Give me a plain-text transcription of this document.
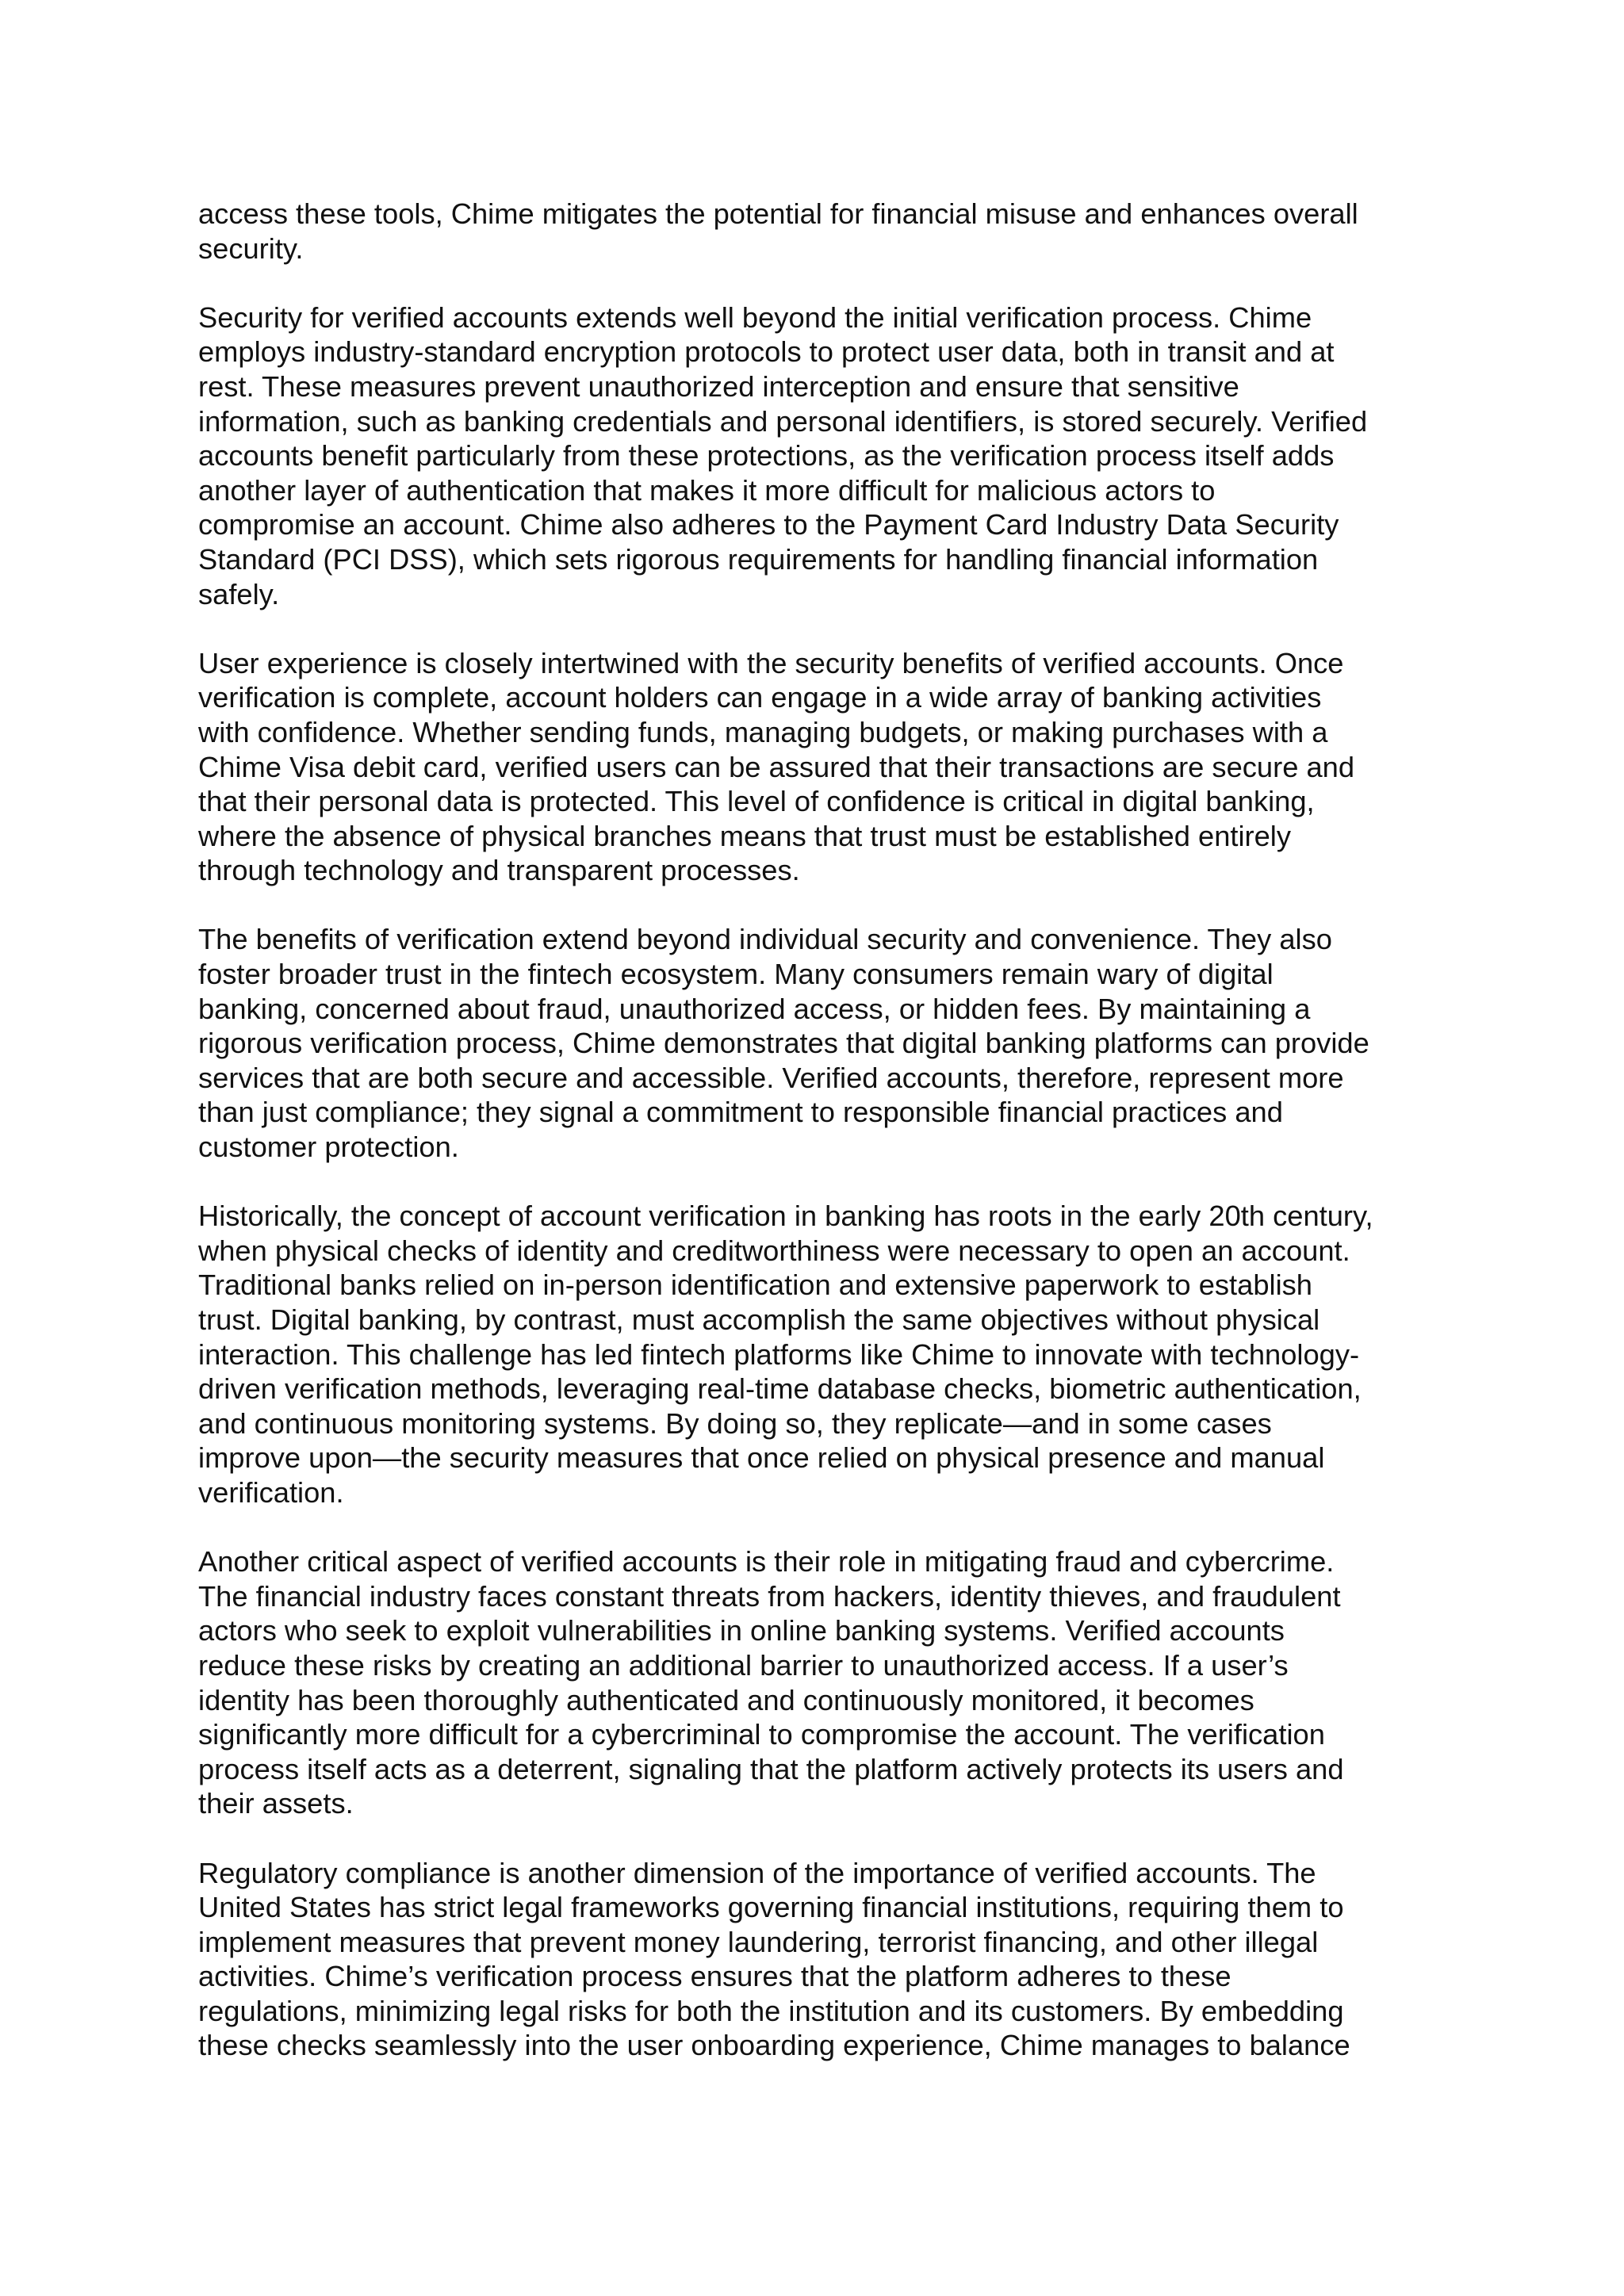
access these tools, Chime mitigates the potential for financial misuse and enhances overall
security.

Security for verified accounts extends well beyond the initial verification process. Chime
employs industry-standard encryption protocols to protect user data, both in transit and at
rest. These measures prevent unauthorized interception and ensure that sensitive
information, such as banking credentials and personal identifiers, is stored securely. Verified
accounts benefit particularly from these protections, as the verification process itself adds
another layer of authentication that makes it more difficult for malicious actors to
compromise an account. Chime also adheres to the Payment Card Industry Data Security
Standard (PCI DSS), which sets rigorous requirements for handling financial information
safely.

User experience is closely intertwined with the security benefits of verified accounts. Once
verification is complete, account holders can engage in a wide array of banking activities
with confidence. Whether sending funds, managing budgets, or making purchases with a
Chime Visa debit card, verified users can be assured that their transactions are secure and
that their personal data is protected. This level of confidence is critical in digital banking,
where the absence of physical branches means that trust must be established entirely
through technology and transparent processes.

The benefits of verification extend beyond individual security and convenience. They also
foster broader trust in the fintech ecosystem. Many consumers remain wary of digital
banking, concerned about fraud, unauthorized access, or hidden fees. By maintaining a
rigorous verification process, Chime demonstrates that digital banking platforms can provide
services that are both secure and accessible. Verified accounts, therefore, represent more
than just compliance; they signal a commitment to responsible financial practices and
customer protection.

Historically, the concept of account verification in banking has roots in the early 20th century,
when physical checks of identity and creditworthiness were necessary to open an account.
Traditional banks relied on in-person identification and extensive paperwork to establish
trust. Digital banking, by contrast, must accomplish the same objectives without physical
interaction. This challenge has led fintech platforms like Chime to innovate with technology-
driven verification methods, leveraging real-time database checks, biometric authentication,
and continuous monitoring systems. By doing so, they replicate—and in some cases
improve upon—the security measures that once relied on physical presence and manual
verification.

Another critical aspect of verified accounts is their role in mitigating fraud and cybercrime.
The financial industry faces constant threats from hackers, identity thieves, and fraudulent
actors who seek to exploit vulnerabilities in online banking systems. Verified accounts
reduce these risks by creating an additional barrier to unauthorized access. If a user’s
identity has been thoroughly authenticated and continuously monitored, it becomes
significantly more difficult for a cybercriminal to compromise the account. The verification
process itself acts as a deterrent, signaling that the platform actively protects its users and
their assets.

Regulatory compliance is another dimension of the importance of verified accounts. The
United States has strict legal frameworks governing financial institutions, requiring them to
implement measures that prevent money laundering, terrorist financing, and other illegal
activities. Chime’s verification process ensures that the platform adheres to these
regulations, minimizing legal risks for both the institution and its customers. By embedding
these checks seamlessly into the user onboarding experience, Chime manages to balance
